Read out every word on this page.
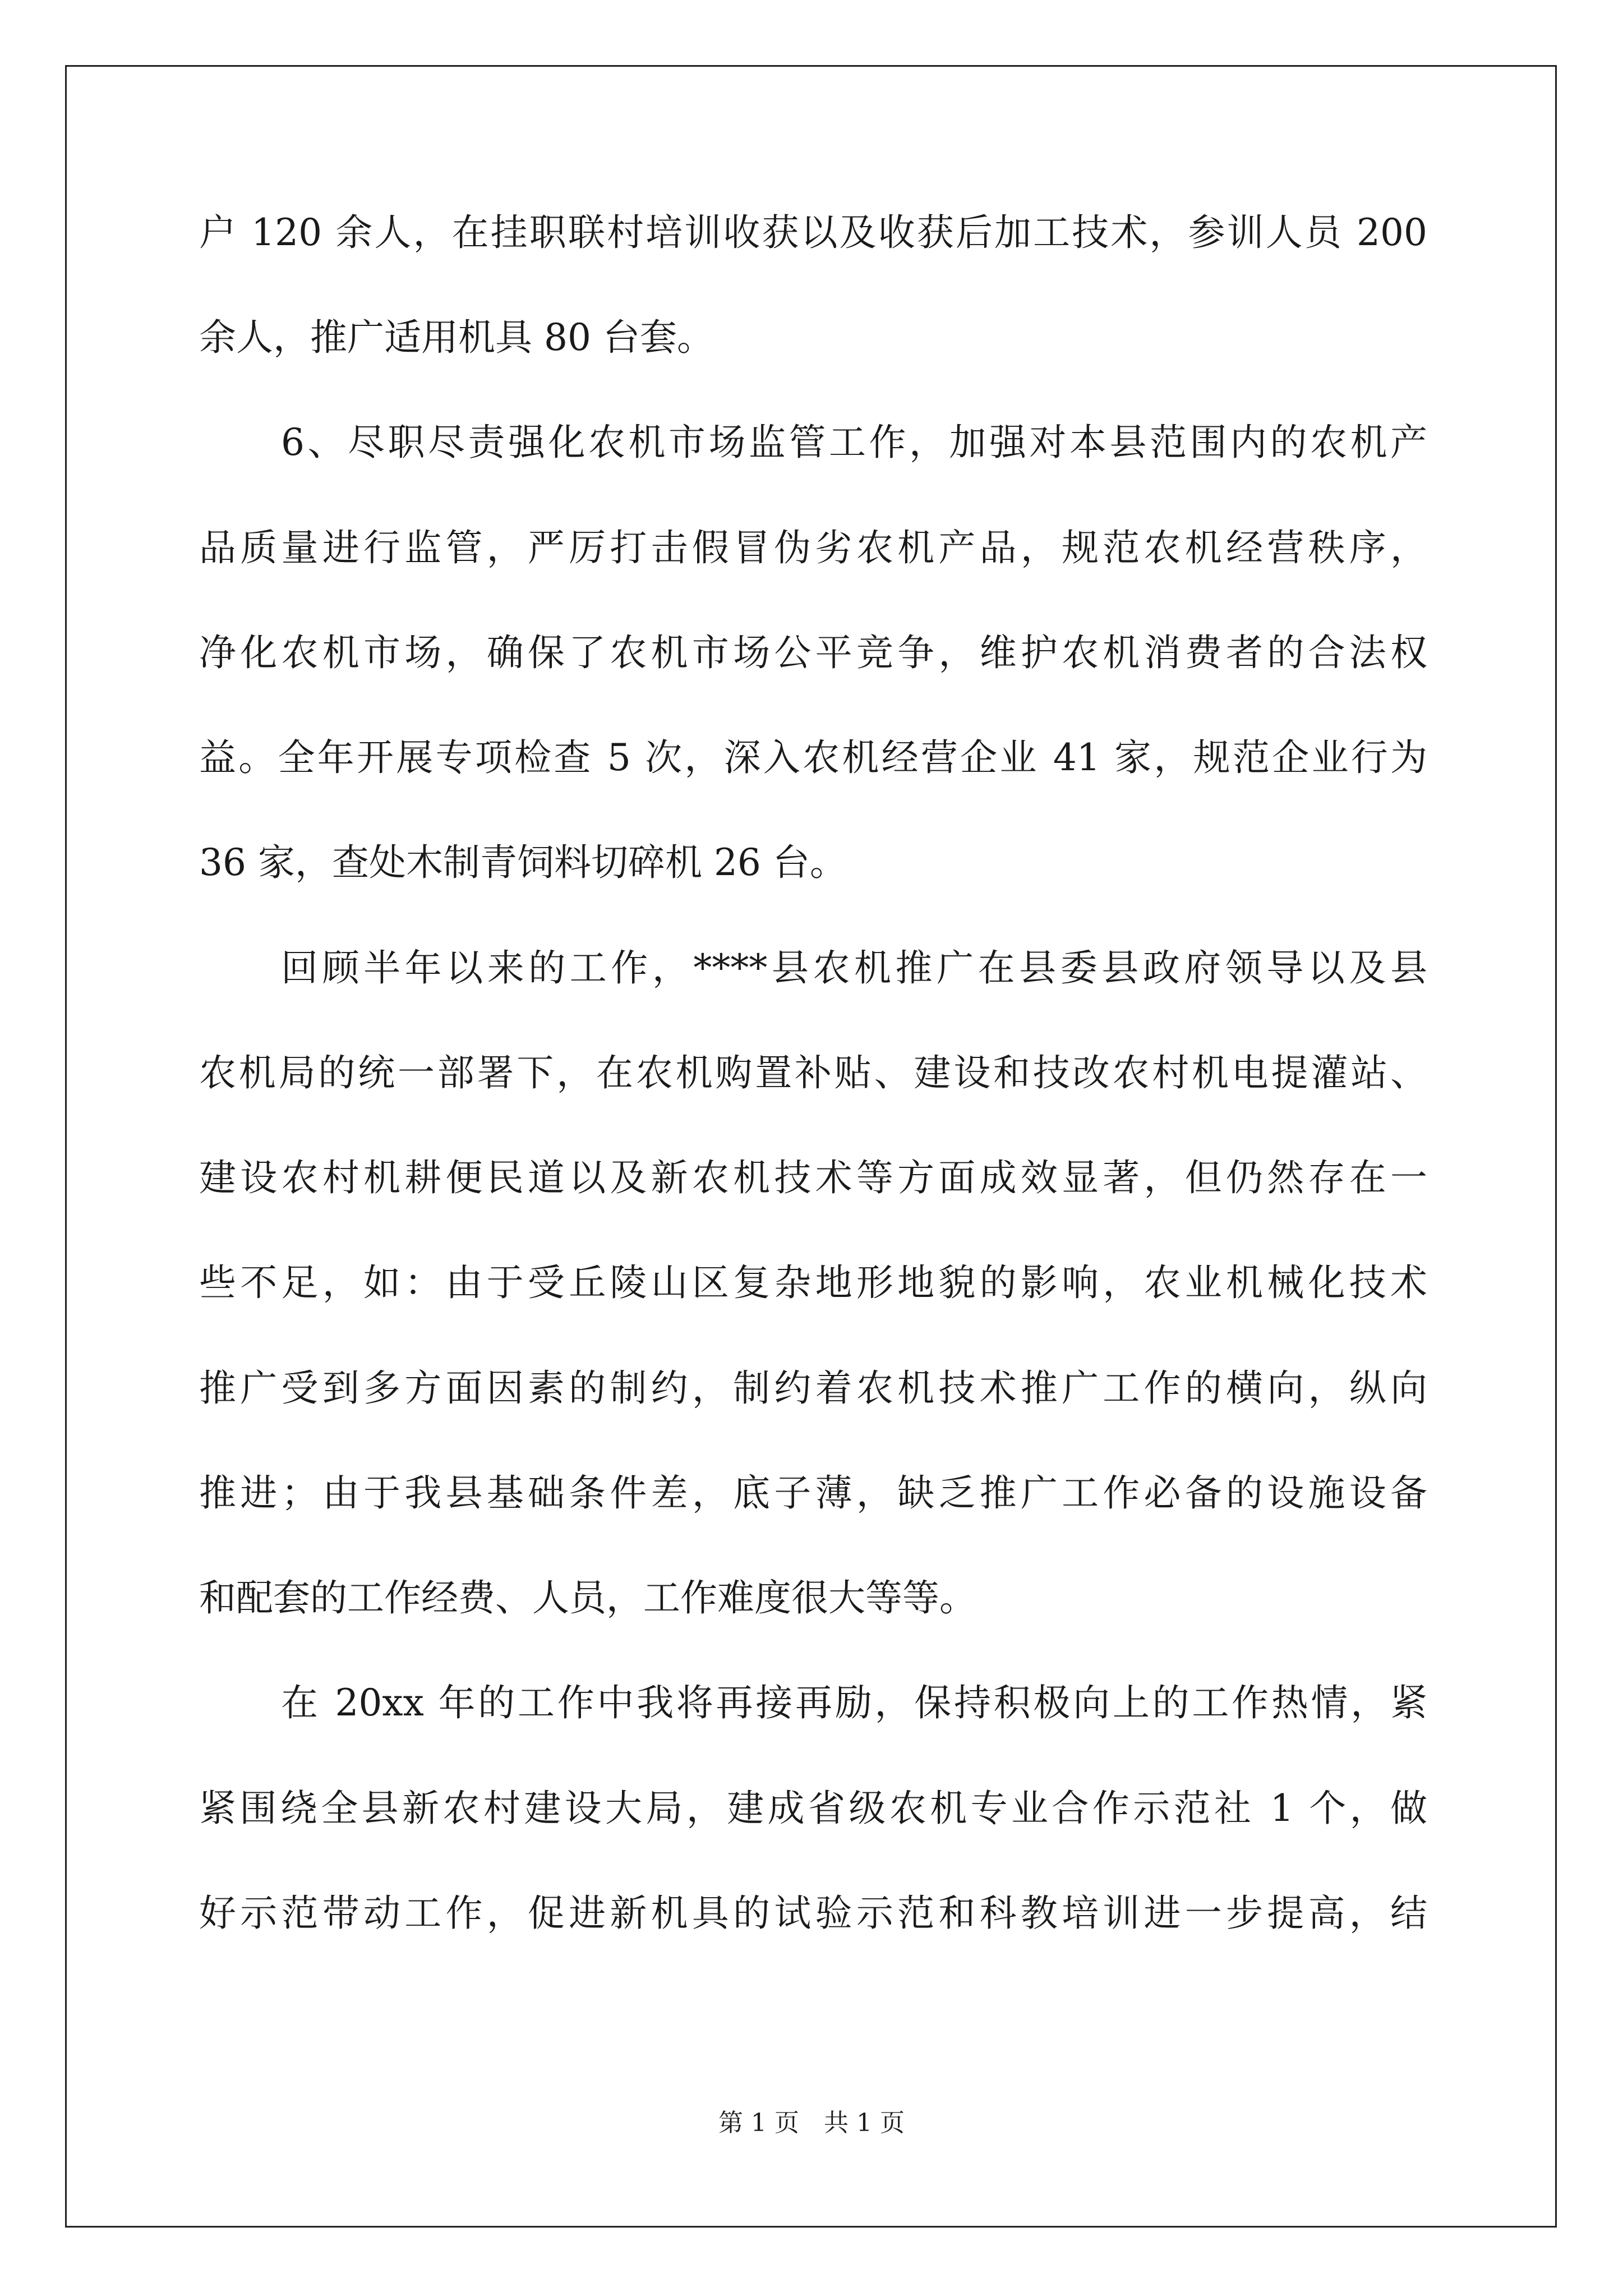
户 120 余人，在挂职联村培训收获以及收获后加工技术，参训人员 200
余人，推广适用机具 80 台套。
6、尽职尽责强化农机市场监管工作，加强对本县范围内的农机产
品质量进行监管，严厉打击假冒伪劣农机产品，规范农机经营秩序，
净化农机市场，确保了农机市场公平竞争，维护农机消费者的合法权
益。全年开展专项检查 5 次，深入农机经营企业 41 家，规范企业行为
36 家，查处木制青饲料切碎机 26 台。
回顾半年以来的工作，****县农机推广在县委县政府领导以及县
农机局的统一部署下，在农机购置补贴、建设和技改农村机电提灌站、
建设农村机耕便民道以及新农机技术等方面成效显著，但仍然存在一
些不足，如：由于受丘陵山区复杂地形地貌的影响，农业机械化技术
推广受到多方面因素的制约，制约着农机技术推广工作的横向，纵向
推进；由于我县基础条件差，底子薄，缺乏推广工作必备的设施设备
和配套的工作经费、人员，工作难度很大等等。
在 20xx 年的工作中我将再接再励，保持积极向上的工作热情，紧
紧围绕全县新农村建设大局，建成省级农机专业合作示范社 1 个，做
好示范带动工作，促进新机具的试验示范和科教培训进一步提高，结
第 1 页 共 1 页
